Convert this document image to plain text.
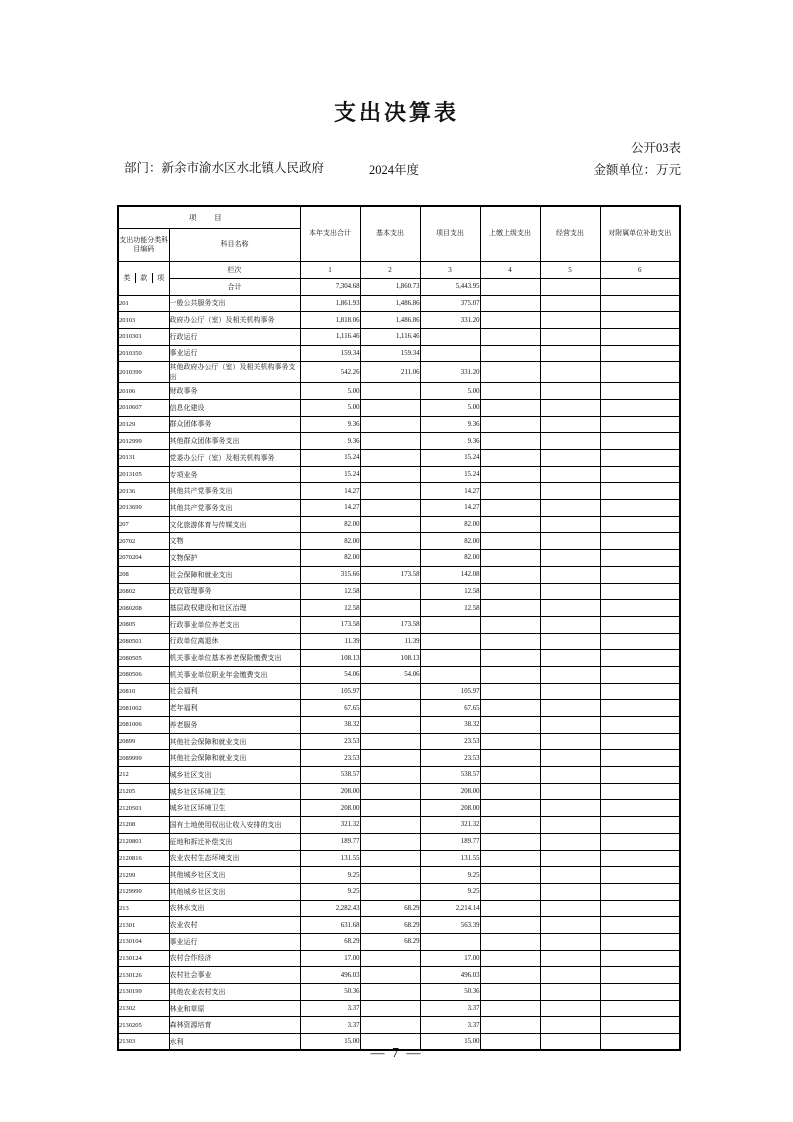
支出决算表
公开03表
部门：新余市渝水区水北镇人民政府	2024年度	金额单位：万元
项 目		本年支出合计	基本支出	项目支出	上缴上级支出	经营支出	对附属单位补助支出
支出功能分类科目编码	科目名称						

类 款 项	栏次	1	2	3	4	5	6
	合计	7,304.68	1,860.73	5,443.95			
201	一般公共服务支出	1,861.93	1,486.86	375.07			
20103	政府办公厅（室）及相关机构事务	1,818.06	1,486.86	331.20			
2010301	行政运行	1,116.46	1,116.46				
2010350	事业运行	159.34	159.34				
2010399	其他政府办公厅（室）及相关机构事务支出	542.26	211.06	331.20			
20106	财政事务	5.00		5.00			
2010607	信息化建设	5.00		5.00			
20129	群众团体事务	9.36		9.36			
2012999	其他群众团体事务支出	9.36		9.36			
20131	党委办公厅（室）及相关机构事务	15.24		15.24			
2013105	专项业务	15.24		15.24			
20136	其他共产党事务支出	14.27		14.27			
2013699	其他共产党事务支出	14.27		14.27			
207	文化旅游体育与传媒支出	82.00		82.00			
20702	文物	82.00		82.00			
2070204	文物保护	82.00		82.00			
208	社会保障和就业支出	315.66	173.58	142.08			
20802	民政管理事务	12.58		12.58			
2080208	基层政权建设和社区治理	12.58		12.58			
20805	行政事业单位养老支出	173.58	173.58				
2080501	行政单位离退休	11.39	11.39				
2080505	机关事业单位基本养老保险缴费支出	108.13	108.13				
2080506	机关事业单位职业年金缴费支出	54.06	54.06				
20810	社会福利	105.97		105.97			
2081002	老年福利	67.65		67.65			
2081006	养老服务	38.32		38.32			
20899	其他社会保障和就业支出	23.53		23.53			
2089999	其他社会保障和就业支出	23.53		23.53			
212	城乡社区支出	538.57		538.57			
21205	城乡社区环境卫生	208.00		208.00			
2120501	城乡社区环境卫生	208.00		208.00			
21208	国有土地使用权出让收入安排的支出	321.32		321.32			
2120801	征地和拆迁补偿支出	189.77		189.77			
2120816	农业农村生态环境支出	131.55		131.55			
21299	其他城乡社区支出	9.25		9.25			
2129999	其他城乡社区支出	9.25		9.25			
213	农林水支出	2,282.43	68.29	2,214.14			
21301	农业农村	631.68	68.29	563.39			
2130104	事业运行	68.29	68.29				
2130124	农村合作经济	17.00		17.00			
2130126	农村社会事业	496.03		496.03			
2130199	其他农业农村支出	50.36		50.36			
21302	林业和草原	3.37		3.37			
2130205	森林资源培育	3.37		3.37			
21303	水利	15.00		15.00			
— 7 —
